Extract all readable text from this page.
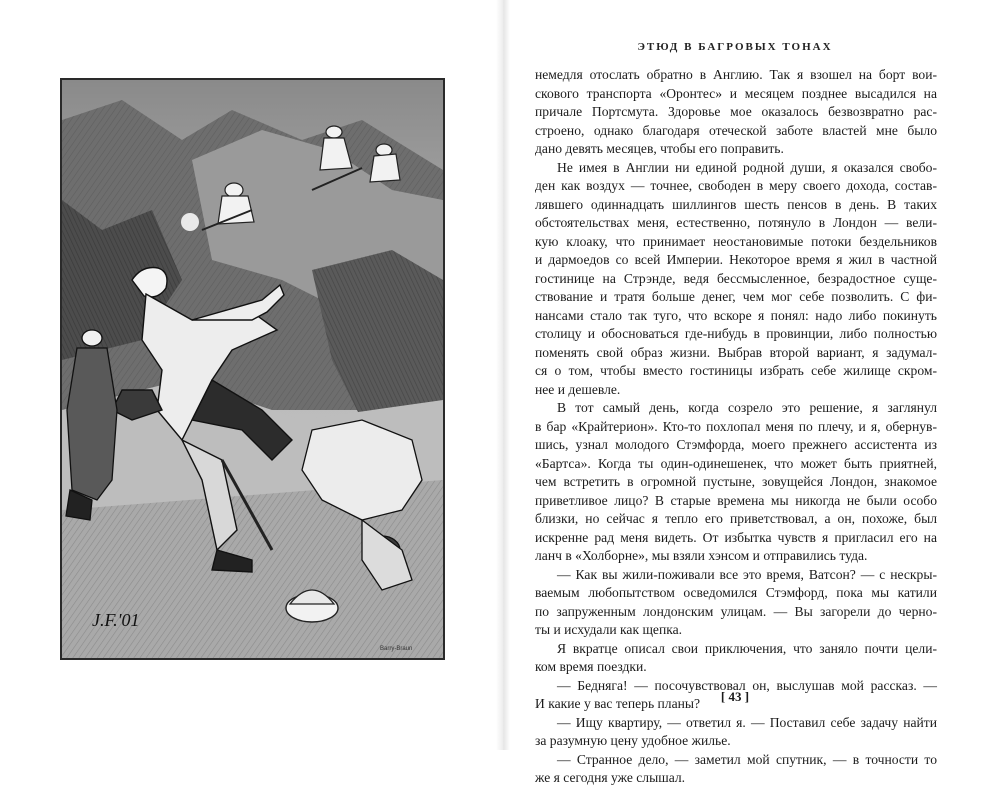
J.F.'01
Barry-Braun
ЭТЮД В БАГРОВЫХ ТОНАХ
немедля отослать обратно в Англию. Так я взошел на борт вои-
скового транспорта «Оронтес» и месяцем позднее высадился на
причале Портсмута. Здоровье мое оказалось безвозвратно рас-
строено, однако благодаря отеческой заботе властей мне было
дано девять месяцев, чтобы его поправить.
Не имея в Англии ни единой родной души, я оказался свобо-
ден как воздух — точнее, свободен в меру своего дохода, состав-
лявшего одиннадцать шиллингов шесть пенсов в день. В таких
обстоятельствах меня, естественно, потянуло в Лондон — вели-
кую клоаку, что принимает неостановимые потоки бездельников
и дармоедов со всей Империи. Некоторое время я жил в частной
гостинице на Стрэнде, ведя бессмысленное, безрадостное суще-
ствование и тратя больше денег, чем мог себе позволить. С фи-
нансами стало так туго, что вскоре я понял: надо либо покинуть
столицу и обосноваться где-нибудь в провинции, либо полностью
поменять свой образ жизни. Выбрав второй вариант, я задумал-
ся о том, чтобы вместо гостиницы избрать себе жилище скром-
нее и дешевле.
В тот самый день, когда созрело это решение, я заглянул
в бар «Крайтерион». Кто-то похлопал меня по плечу, и я, обернув-
шись, узнал молодого Стэмфорда, моего прежнего ассистента из
«Бартса». Когда ты один-одинешенек, что может быть приятней,
чем встретить в огромной пустыне, зовущейся Лондон, знакомое
приветливое лицо? В старые времена мы никогда не были особо
близки, но сейчас я тепло его приветствовал, а он, похоже, был
искренне рад меня видеть. От избытка чувств я пригласил его на
ланч в «Холборне», мы взяли хэнсом и отправились туда.
— Как вы жили-поживали все это время, Ватсон? — с нескры-
ваемым любопытством осведомился Стэмфорд, пока мы катили
по запруженным лондонским улицам. — Вы загорели до черно-
ты и исхудали как щепка.
Я вкратце описал свои приключения, что заняло почти цели-
ком время поездки.
— Бедняга! — посочувствовал он, выслушав мой рассказ. —
И какие у вас теперь планы?
— Ищу квартиру, — ответил я. — Поставил себе задачу найти
за разумную цену удобное жилье.
— Странное дело, — заметил мой спутник, — в точности то
же я сегодня уже слышал.
[ 43 ]
